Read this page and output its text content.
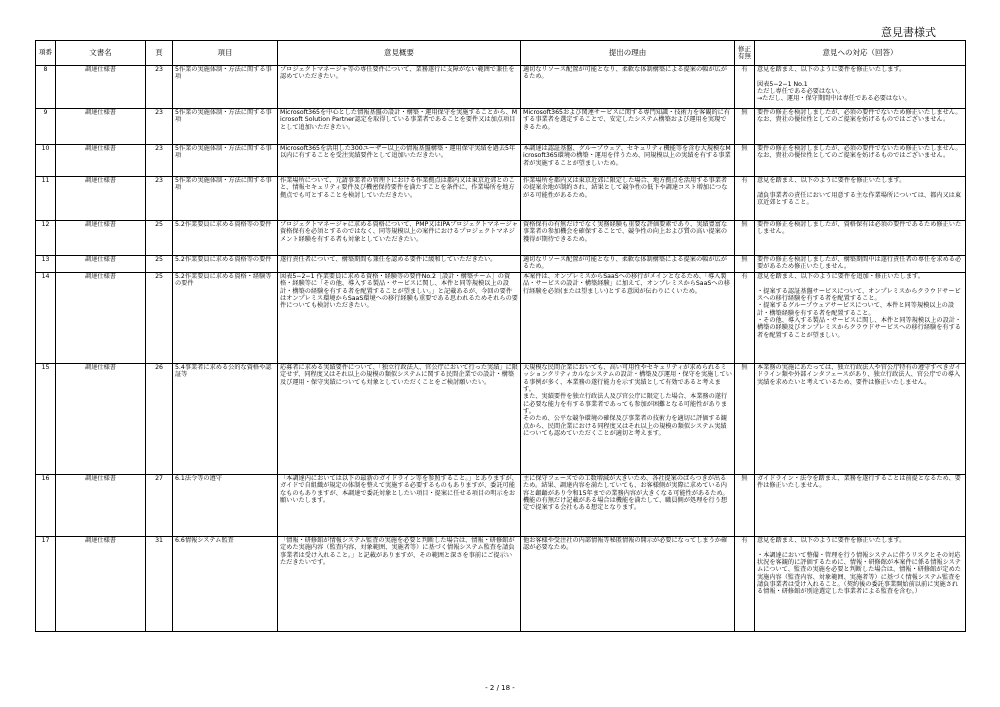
意見書様式
項番	文書名	頁	項目	意見概要	提出の理由	修正有無	意見への対応（回答）

8	調達仕様書	23	5作業の実施体制・方法に関する事項	プロジェクトマネージャ等の専任要件について、業務遂行に支障がない範囲で兼任を認めていただきたい。	適切なリソース配置が可能となり、柔軟な体制構築による提案の幅が広がるため。	有	意見を踏まえ、以下のように要件を修正いたします。

図表5−2−1 No.1
ただし専任である必要はない。
→ただし、運用・保守期間中は専任である必要はない。

9	調達仕様書	23	5作業の実施体制・方法に関する事項	Microsoft365を中心とした情報基盤の設計・構築・運用保守を実施することから、Microsoft Solution Partner認定を取得している事業者であることを要件又は加点項目として追加いただきたい。	Microsoft365および関連サービスに関する専門知識・技術力を客観的に有する事業者を選定することで、安定したシステム構築および運用を実現できるため。	無	要件の修正を検討しましたが、必須の要件でないため修正いたしません。
なお、貴社の優位性としてのご提案を妨げるものではございません。

10	調達仕様書	23	5作業の実施体制・方法に関する事項	Microsoft365を活用した300ユーザー以上の情報基盤構築・運用保守実績を過去5年以内に有することを受注実績要件として追加いただきたい。	本調達は認証基盤、グループウェア、セキュリティ機能等を含む大規模なMicrosoft365環境の構築・運用を伴うため、同規模以上の実績を有する事業者が実施することが望ましいため。	無	要件の修正を検討しましたが、必須の要件でないため修正いたしません。
なお、貴社の優位性としてのご提案を妨げるものではございません。

11	調達仕様書	23	5作業の実施体制・方法に関する事項	作業場所について、元請事業者の管理下における作業拠点は都内又は東京近郊とのこと、情報セキュリティ要件及び機密保持要件を満たすことを条件に、作業場所を地方拠点でも可とすることを検討していただきたい。	作業場所を都内又は東京近郊に限定した場合、地方拠点を活用する事業者の提案余地が制約され、結果として競争性の低下や調達コスト増加につながる可能性があるため。	有	意見を踏まえ、以下のように要件を修正いたします。

請負事業者の責任において用意する主な作業場所については、都内又は東京近郊とすること。

12	調達仕様書	25	5.2作業要員に求める資格等の要件	プロジェクトマネージャに求める資格について、PMP又はIPAプロジェクトマネージャ資格保有を必須とするのではなく、同等規模以上の案件におけるプロジェクトマネジメント経験を有する者も対象としていただきたい。	資格保有の有無だけでなく実務経験も重要な評価要素であり、実績豊富な事業者の参加機会を確保することで、競争性の向上および質の高い提案の獲得が期待できるため。	無	要件の修正を検討しましたが、資格保有は必須の要件であるため修正いたしません。

13	調達仕様書	25	5.2作業要員に求める資格等の要件	遂行責任者について、構築期間も兼任を認める要件に緩和していただきたい。	適切なリソース配置が可能となり、柔軟な体制構築による提案の幅が広がるため。	無	要件の修正を検討しましたが、構築期間中は遂行責任者の専任を求める必要があるため修正いたしません。

14	調達仕様書	25	5.2作業要員に求める資格・経験等の要件	図表5−2−1 作業要員に求める資格・経験等の要件No.2［設計・構築チーム］の資格・経験等に「その他、導入する製品・サービスに関し、本件と同等規模以上の設計・構築の経験を有する者を配置することが望ましい。」と記載あるが、今回の要件はオンプレミス環境からSaaS環境への移行経験も重要である思われるためそれらの要件についても検討いただきたい。	本案件は、オンプレミスからSaaSへの移行がメインとなるため、「導入製品・サービスの設計・構築経験」に加えて、オンプレミスからSaaSへの移行経験を必須(または望ましい)とする意図が伝わりにくいため。	有	意見を踏まえ、以下のように要件を追加・修正いたします。

・提案する認証基盤サービスについて、オンプレミスからクラウドサービスへの移行経験を有する者を配置すること。
・提案するグループウェアサービスについて、本件と同等規模以上の設計・構築経験を有する者を配置すること。
・その他、導入する製品・サービスに関し、本件と同等規模以上の設計・構築の経験及びオンプレミスからクラウドサービスへの移行経験を有する者を配置することが望ましい。

15	調達仕様書	26	5.4事業者に求める公的な資格や認証等	応募者に求める実績要件について、「独立行政法人、官公庁において行った実績」に限定せず、同程度又はそれ以上の規模の類似システムに関する民間企業での設計・構築及び運用・保守実績についても対象としていただくことをご検討願いたい。	大規模な民間企業においても、高い可用性やセキュリティが求められるミッションクリティカルなシステムの設計・構築及び運用・保守を実施している事例が多く、本業務の遂行能力を示す実績として有効であると考えます。
また、実績要件を独立行政法人及び官公庁に限定した場合、本業務の遂行に必要な能力を有する事業者であっても参加が困難となる可能性があります。
そのため、公平な競争環境の確保及び事業者の技術力を適切に評価する観点から、民間企業における同程度又はそれ以上の規模の類似システム実績についても認めていただくことが適切と考えます。	無	本業務の実施にあたっては、独立行政法人や官公庁特有の遵守すべきガイドライン類や外部インタフェースがあり、独立行政法人、官公庁での導入実績を求めたいと考えているため、要件は修正いたしません。

16	調達仕様書	27	6.1法令等の遵守	「本調達内においては以下の最新のガイドライン等を参照すること。」とありますが、ガイドで自組織が規定の体制を整えて実施する必要するものもありますが、委託可能なものもありますが、本調達で委託対象としたい項目・提案に任せる項目の明示をお願いいたします。	主に保守フェーズでの工数増減が大きいため、各社提案のばらつきが出るため。結果、調達内容を満たしていても、お客様側が実際に求めている内容と齟齬があり令和15年までの業務内容が大きくなる可能性があるため。機能の有無だけ記載がある場合は機能を満たして、職員側が処理を行う想定で提案する会社もある想定となります。	無	ガイドライン・法令を踏まえ、業務を遂行することは前提となるため、要件は修正いたしません。

17	調達仕様書	31	6.6情報システム監査	「情報・研修館が情報システム監査の実施を必要と判断した場合は、情報・研修館が定めた実施内容（監査内容、対象範囲、実施者等）に基づく情報システム監査を請負事業者は受け入れること。」と記載がありますが、その範囲と深さを事前にご提示いただきたいです。	他お客様や受注社の内部情報等秘匿情報の開示が必要になってしまうか確認が必要なため。	有	意見を踏まえ、以下のように要件を修正いたします。

・本調達において整備・管理を行う情報システムに伴うリスクとその対応状況を客観的に評価するために、情報・研修館が本案件に係る情報システムについて、監査の実施を必要と判断した場合は、情報・研修館が定めた実施内容（監査内容、対象範囲、実施者等）に基づく情報システム監査を請負事業者は受け入れること。（契約後の委託事業開始前以前に実施される情報・研修館が別途選定した事業者による監査を含む。）
- 2 / 18 -
